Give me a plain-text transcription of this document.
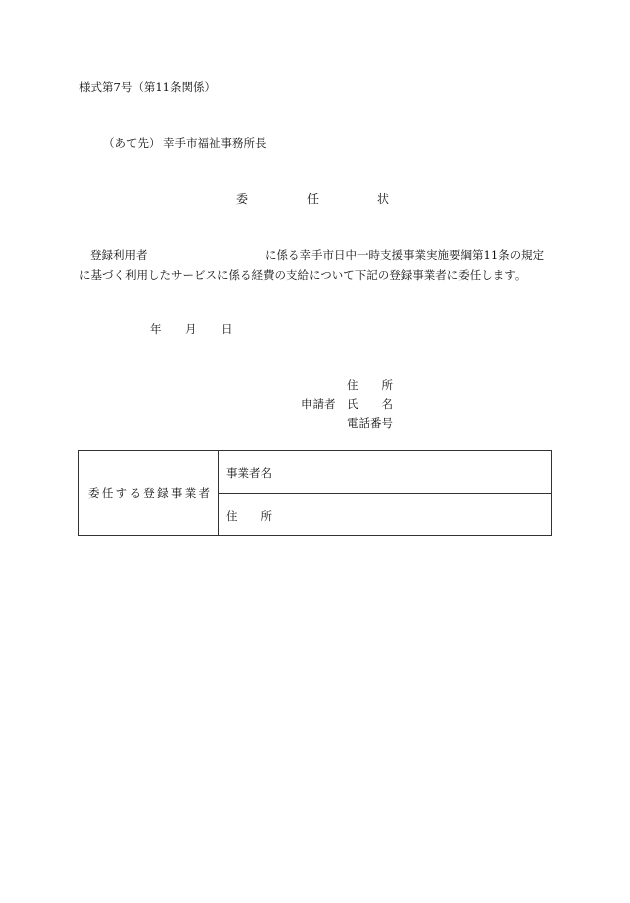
様式第7号（第11条関係）
（あて先） 幸手市福祉事務所長
委	任	状
登録利用者	に係る幸手市日中一時支援事業実施要綱第11条の規定
に基づく利用したサービスに係る経費の支給について下記の登録事業者に委任します。
年 月 日
申請者
住 所
氏 名
電話番号
委 任 す る 登 録 事 業 者
事業者名
住 所
